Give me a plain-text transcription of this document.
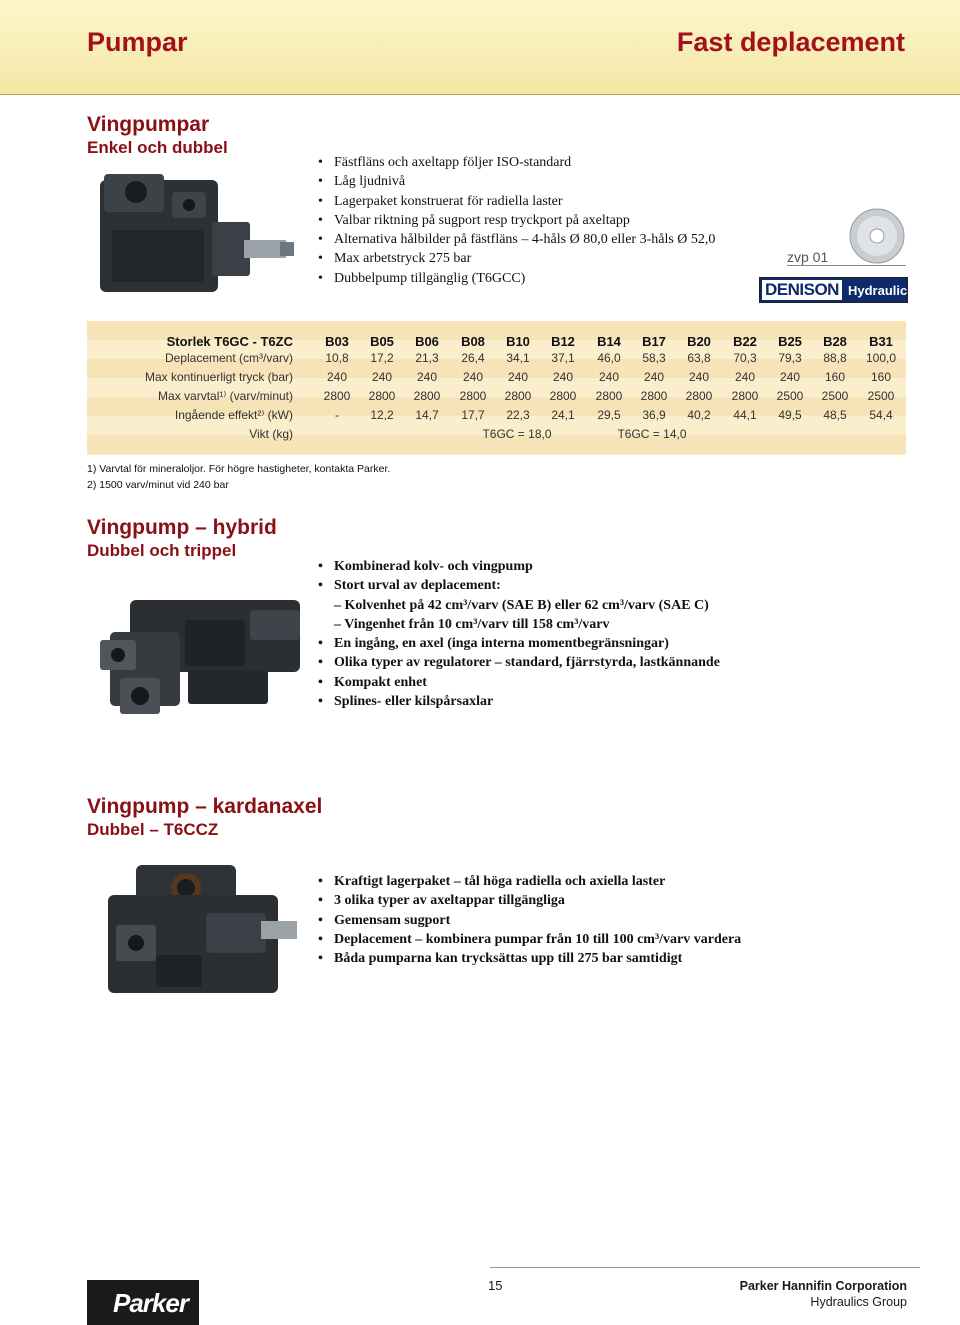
Pumpar	Fast deplacement
Vingpumpar
Enkel och dubbel
• Fästfläns och axeltapp följer ISO-standard
• Låg ljudnivå
• Lagerpaket konstruerat för radiella laster
• Valbar riktning på sugport resp tryckport på axeltapp
• Alternativa hålbilder på fästfläns – 4-håls Ø 80,0 eller 3-håls Ø 52,0
• Max arbetstryck 275 bar
• Dubbelpump tillgänglig (T6GCC)
zvp 01
DENISON Hydraulics
Storlek T6GC - T6ZC	B03	B05	B06	B08	B10	B12	B14	B17	B20	B22	B25	B28	B31
Deplacement (cm³/varv)	10,8	17,2	21,3	26,4	34,1	37,1	46,0	58,3	63,8	70,3	79,3	88,8	100,0
Max kontinuerligt tryck (bar)	240	240	240	240	240	240	240	240	240	240	240	160	160
Max varvtal¹⁾ (varv/minut)	2800	2800	2800	2800	2800	2800	2800	2800	2800	2800	2500	2500	2500
Ingående effekt²⁾ (kW)	-	12,2	14,7	17,7	22,3	24,1	29,5	36,9	40,2	44,1	49,5	48,5	54,4
Vikt (kg)	T6GC = 18,0	T6GC = 14,0
1) Varvtal för mineraloljor. För högre hastigheter, kontakta Parker.
2) 1500 varv/minut vid 240 bar
Vingpump – hybrid
Dubbel och trippel
• Kombinerad kolv- och vingpump
• Stort urval av deplacement:
– Kolvenhet på 42 cm³/varv (SAE B) eller 62 cm³/varv (SAE C)
– Vingenhet från 10 cm³/varv till 158 cm³/varv
• En ingång, en axel (inga interna momentbegränsningar)
• Olika typer av regulatorer – standard, fjärrstyrda, lastkännande
• Kompakt enhet
• Splines- eller kilspårsaxlar
Vingpump – kardanaxel
Dubbel – T6CCZ
• Kraftigt lagerpaket – tål höga radiella och axiella laster
• 3 olika typer av axeltappar tillgängliga
• Gemensam sugport
• Deplacement – kombinera pumpar från 10 till 100 cm³/varv vardera
• Båda pumparna kan trycksättas upp till 275 bar samtidigt
15	Parker Hannifin Corporation
Hydraulics Group
Parker
